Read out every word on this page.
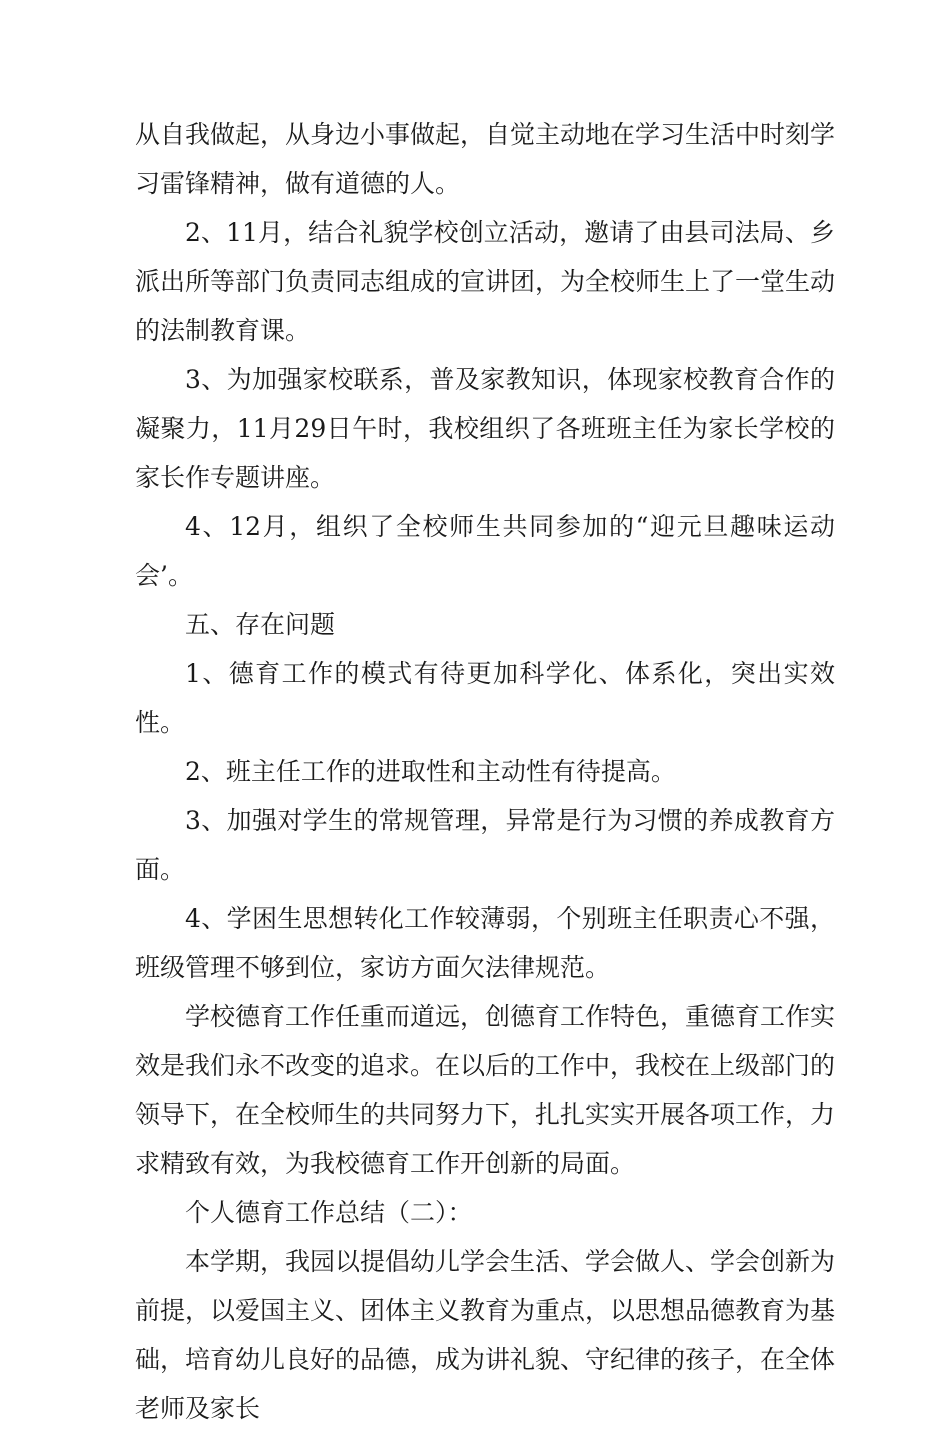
从自我做起，从身边小事做起，自觉主动地在学习生活中时刻学习雷锋精神，做有道德的人。

2、11月，结合礼貌学校创立活动，邀请了由县司法局、乡派出所等部门负责同志组成的宣讲团，为全校师生上了一堂生动的法制教育课。

3、为加强家校联系，普及家教知识，体现家校教育合作的凝聚力，11月29日午时，我校组织了各班班主任为家长学校的家长作专题讲座。

4、12月，组织了全校师生共同参加的“迎元旦趣味运动会’。

五、存在问题

1、德育工作的模式有待更加科学化、体系化，突出实效性。

2、班主任工作的进取性和主动性有待提高。

3、加强对学生的常规管理，异常是行为习惯的养成教育方面。

4、学困生思想转化工作较薄弱，个别班主任职责心不强，班级管理不够到位，家访方面欠法律规范。

学校德育工作任重而道远，创德育工作特色，重德育工作实效是我们永不改变的追求。在以后的工作中，我校在上级部门的领导下，在全校师生的共同努力下，扎扎实实开展各项工作，力求精致有效，为我校德育工作开创新的局面。

个人德育工作总结（二）：

本学期，我园以提倡幼儿学会生活、学会做人、学会创新为前提，以爱国主义、团体主义教育为重点，以思想品德教育为基础，培育幼儿良好的品德，成为讲礼貌、守纪律的孩子，在全体老师及家长
